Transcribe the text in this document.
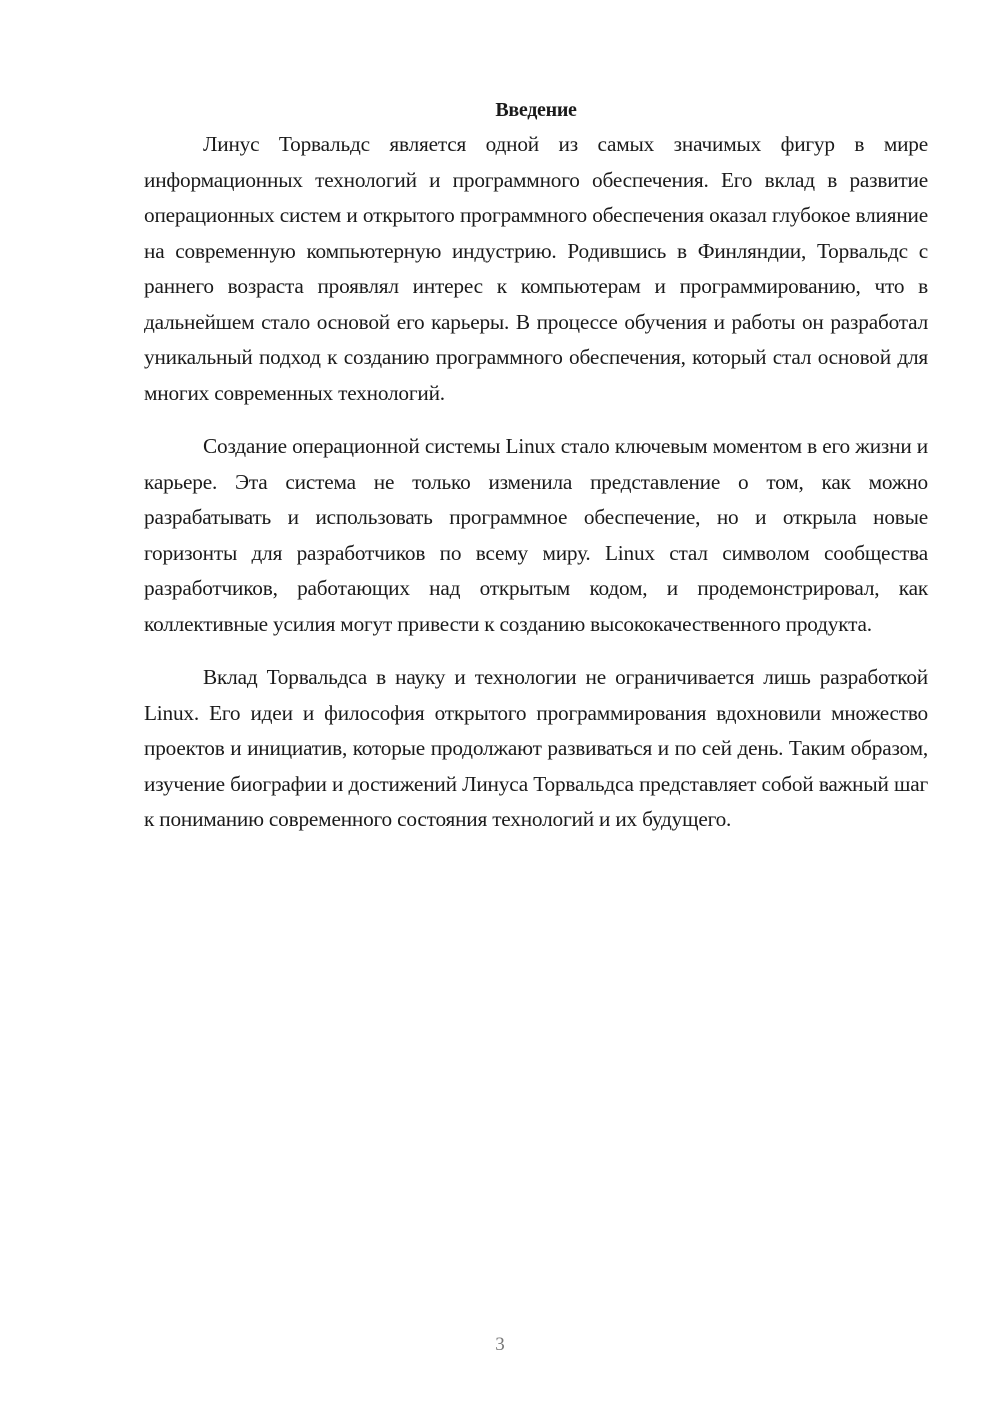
Введение

Линус Торвальдс является одной из самых значимых фигур в мире информационных технологий и программного обеспечения. Его вклад в развитие операционных систем и открытого программного обеспечения оказал глубокое влияние на современную компьютерную индустрию. Родившись в Финляндии, Торвальдс с раннего возраста проявлял интерес к компьютерам и программированию, что в дальнейшем стало основой его карьеры. В процессе обучения и работы он разработал уникальный подход к созданию программного обеспечения, который стал основой для многих современных технологий.

Создание операционной системы Linux стало ключевым моментом в его жизни и карьере. Эта система не только изменила представление о том, как можно разрабатывать и использовать программное обеспечение, но и открыла новые горизонты для разработчиков по всему миру. Linux стал символом сообщества разработчиков, работающих над открытым кодом, и продемонстрировал, как коллективные усилия могут привести к созданию высококачественного продукта.

Вклад Торвальдса в науку и технологии не ограничивается лишь разработкой Linux. Его идеи и философия открытого программирования вдохновили множество проектов и инициатив, которые продолжают развиваться и по сей день. Таким образом, изучение биографии и достижений Линуса Торвальдса представляет собой важный шаг к пониманию современного состояния технологий и их будущего.

3
